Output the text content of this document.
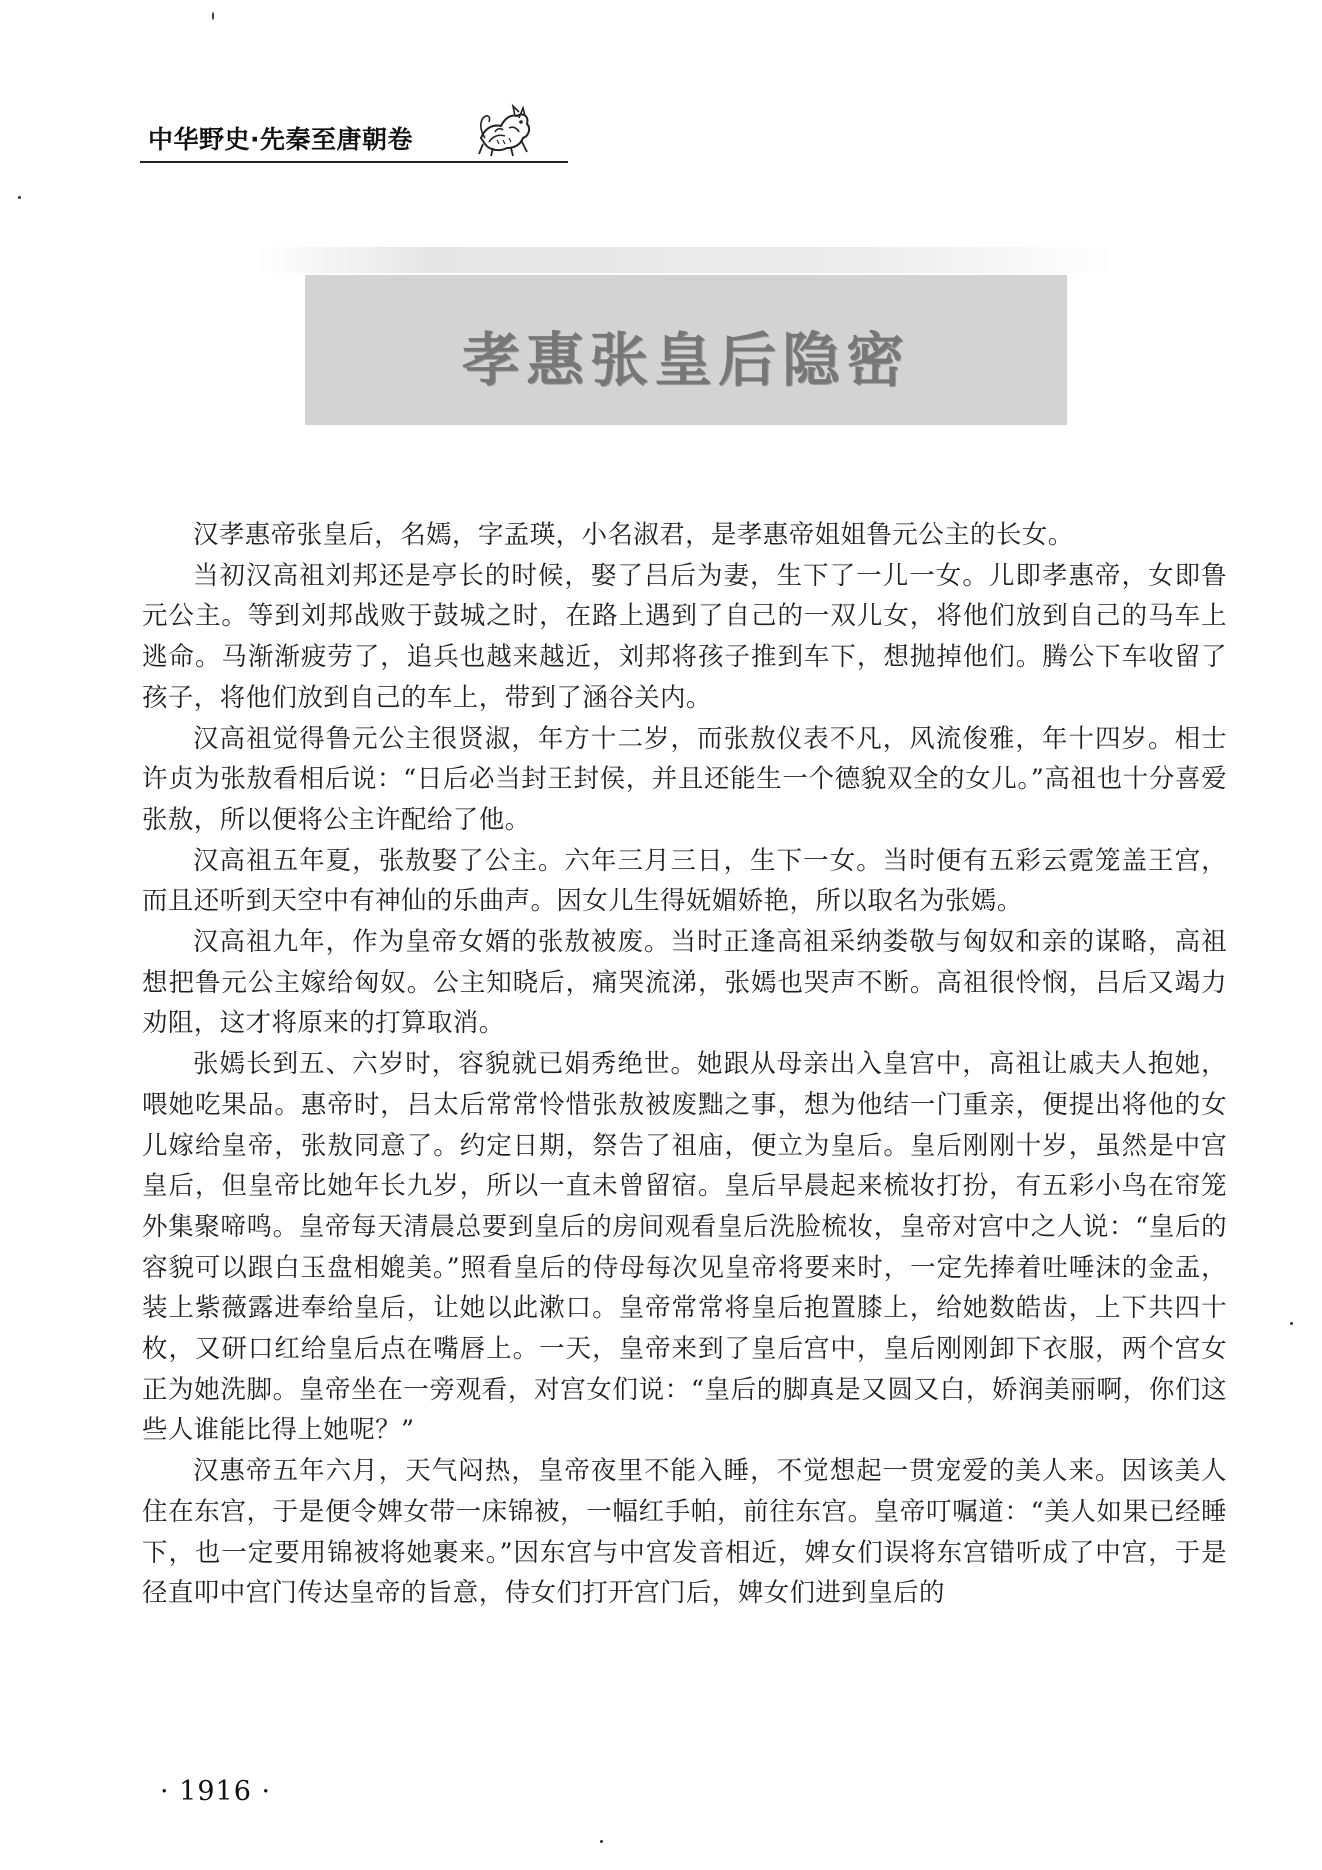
中华野史·先秦至唐朝卷
孝惠张皇后隐密

汉孝惠帝张皇后，名嫣，字孟瑛，小名淑君，是孝惠帝姐姐鲁元公主的长女。

当初汉高祖刘邦还是亭长的时候，娶了吕后为妻，生下了一儿一女。儿即孝惠帝，女即鲁元公主。等到刘邦战败于鼓城之时，在路上遇到了自己的一双儿女，将他们放到自己的马车上逃命。马渐渐疲劳了，追兵也越来越近，刘邦将孩子推到车下，想抛掉他们。腾公下车收留了孩子，将他们放到自己的车上，带到了涵谷关内。

汉高祖觉得鲁元公主很贤淑，年方十二岁，而张敖仪表不凡，风流俊雅，年十四岁。相士许贞为张敖看相后说：“日后必当封王封侯，并且还能生一个德貌双全的女儿。”高祖也十分喜爱张敖，所以便将公主许配给了他。

汉高祖五年夏，张敖娶了公主。六年三月三日，生下一女。当时便有五彩云霓笼盖王宫，而且还听到天空中有神仙的乐曲声。因女儿生得妩媚娇艳，所以取名为张嫣。

汉高祖九年，作为皇帝女婿的张敖被废。当时正逢高祖采纳娄敬与匈奴和亲的谋略，高祖想把鲁元公主嫁给匈奴。公主知晓后，痛哭流涕，张嫣也哭声不断。高祖很怜悯，吕后又竭力劝阻，这才将原来的打算取消。

张嫣长到五、六岁时，容貌就已娟秀绝世。她跟从母亲出入皇宫中，高祖让戚夫人抱她，喂她吃果品。惠帝时，吕太后常常怜惜张敖被废黜之事，想为他结一门重亲，便提出将他的女儿嫁给皇帝，张敖同意了。约定日期，祭告了祖庙，便立为皇后。皇后刚刚十岁，虽然是中宫皇后，但皇帝比她年长九岁，所以一直未曾留宿。皇后早晨起来梳妆打扮，有五彩小鸟在帘笼外集聚啼鸣。皇帝每天清晨总要到皇后的房间观看皇后洗脸梳妆，皇帝对宫中之人说：“皇后的容貌可以跟白玉盘相媲美。”照看皇后的侍母每次见皇帝将要来时，一定先捧着吐唾沫的金盂，装上紫薇露进奉给皇后，让她以此漱口。皇帝常常将皇后抱置膝上，给她数皓齿，上下共四十枚，又研口红给皇后点在嘴唇上。一天，皇帝来到了皇后宫中，皇后刚刚卸下衣服，两个宫女正为她洗脚。皇帝坐在一旁观看，对宫女们说：“皇后的脚真是又圆又白，娇润美丽啊，你们这些人谁能比得上她呢？”

汉惠帝五年六月，天气闷热，皇帝夜里不能入睡，不觉想起一贯宠爱的美人来。因该美人住在东宫，于是便令婢女带一床锦被，一幅红手帕，前往东宫。皇帝叮嘱道：“美人如果已经睡下，也一定要用锦被将她裹来。”因东宫与中宫发音相近，婢女们误将东宫错听成了中宫，于是径直叩中宫门传达皇帝的旨意，侍女们打开宫门后，婢女们进到皇后的

· 1916 ·
